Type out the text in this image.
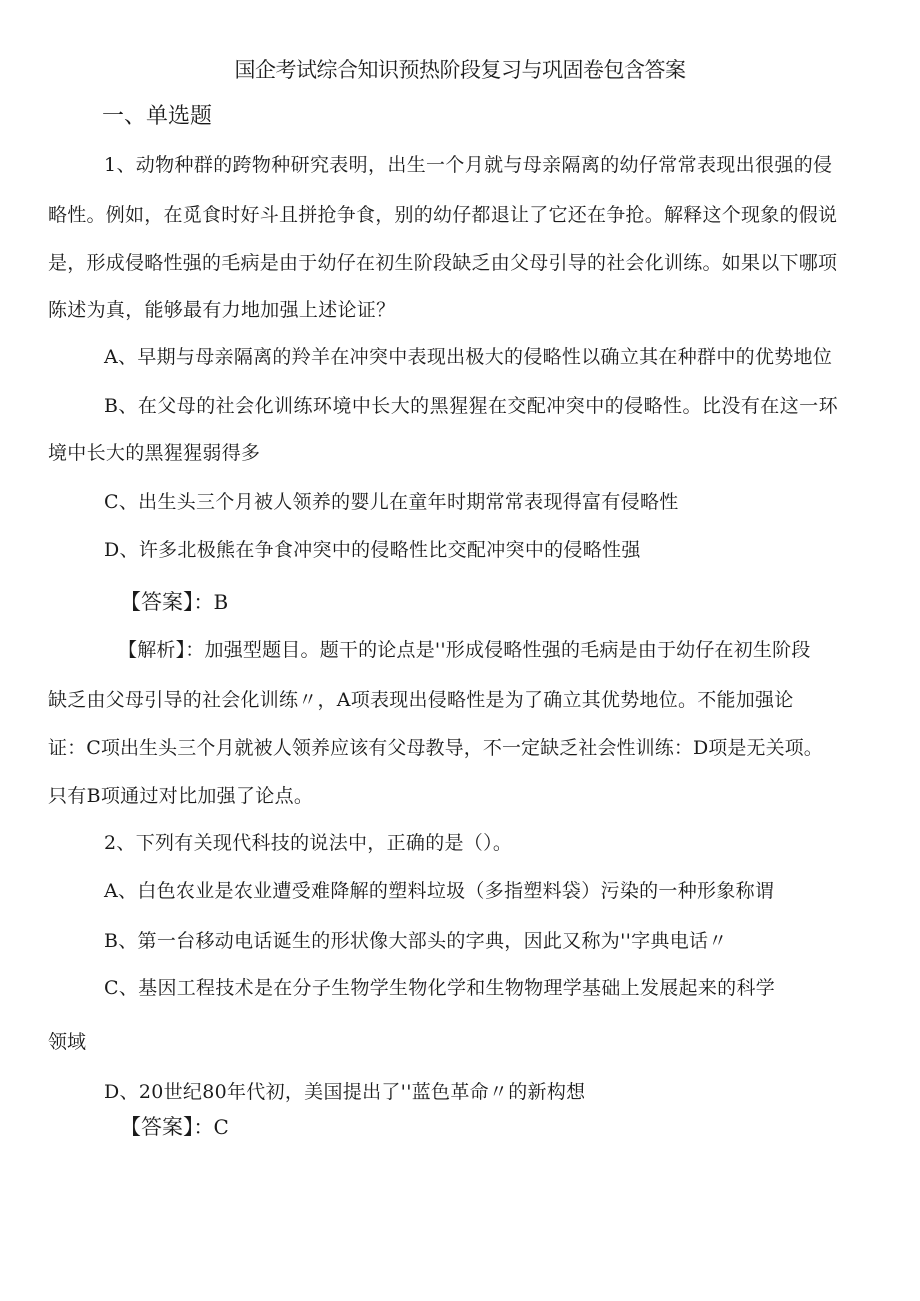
国企考试综合知识预热阶段复习与巩固卷包含答案
一、单选题

1、动物种群的跨物种研究表明，出生一个月就与母亲隔离的幼仔常常表现出很强的侵

略性。例如，在觅食时好斗且拼抢争食，别的幼仔都退让了它还在争抢。解释这个现象的假说

是，形成侵略性强的毛病是由于幼仔在初生阶段缺乏由父母引导的社会化训练。如果以下哪项

陈述为真，能够最有力地加强上述论证？

A、早期与母亲隔离的羚羊在冲突中表现出极大的侵略性以确立其在种群中的优势地位

B、在父母的社会化训练环境中长大的黑猩猩在交配冲突中的侵略性。比没有在这一环

境中长大的黑猩猩弱得多

C、出生头三个月被人领养的婴儿在童年时期常常表现得富有侵略性

D、许多北极熊在争食冲突中的侵略性比交配冲突中的侵略性强

【答案】：B

【解析】：加强型题目。题干的论点是''形成侵略性强的毛病是由于幼仔在初生阶段

缺乏由父母引导的社会化训练〃，A项表现出侵略性是为了确立其优势地位。不能加强论

证：C项出生头三个月就被人领养应该有父母教导，不一定缺乏社会性训练：D项是无关项。

只有B项通过对比加强了论点。

2、下列有关现代科技的说法中，正确的是（）。

A、白色农业是农业遭受难降解的塑料垃圾（多指塑料袋）污染的一种形象称谓

B、第一台移动电话诞生的形状像大部头的字典，因此又称为''字典电话〃

C、基因工程技术是在分子生物学生物化学和生物物理学基础上发展起来的科学

领域

D、20世纪80年代初，美国提出了''蓝色革命〃的新构想

【答案】：C
